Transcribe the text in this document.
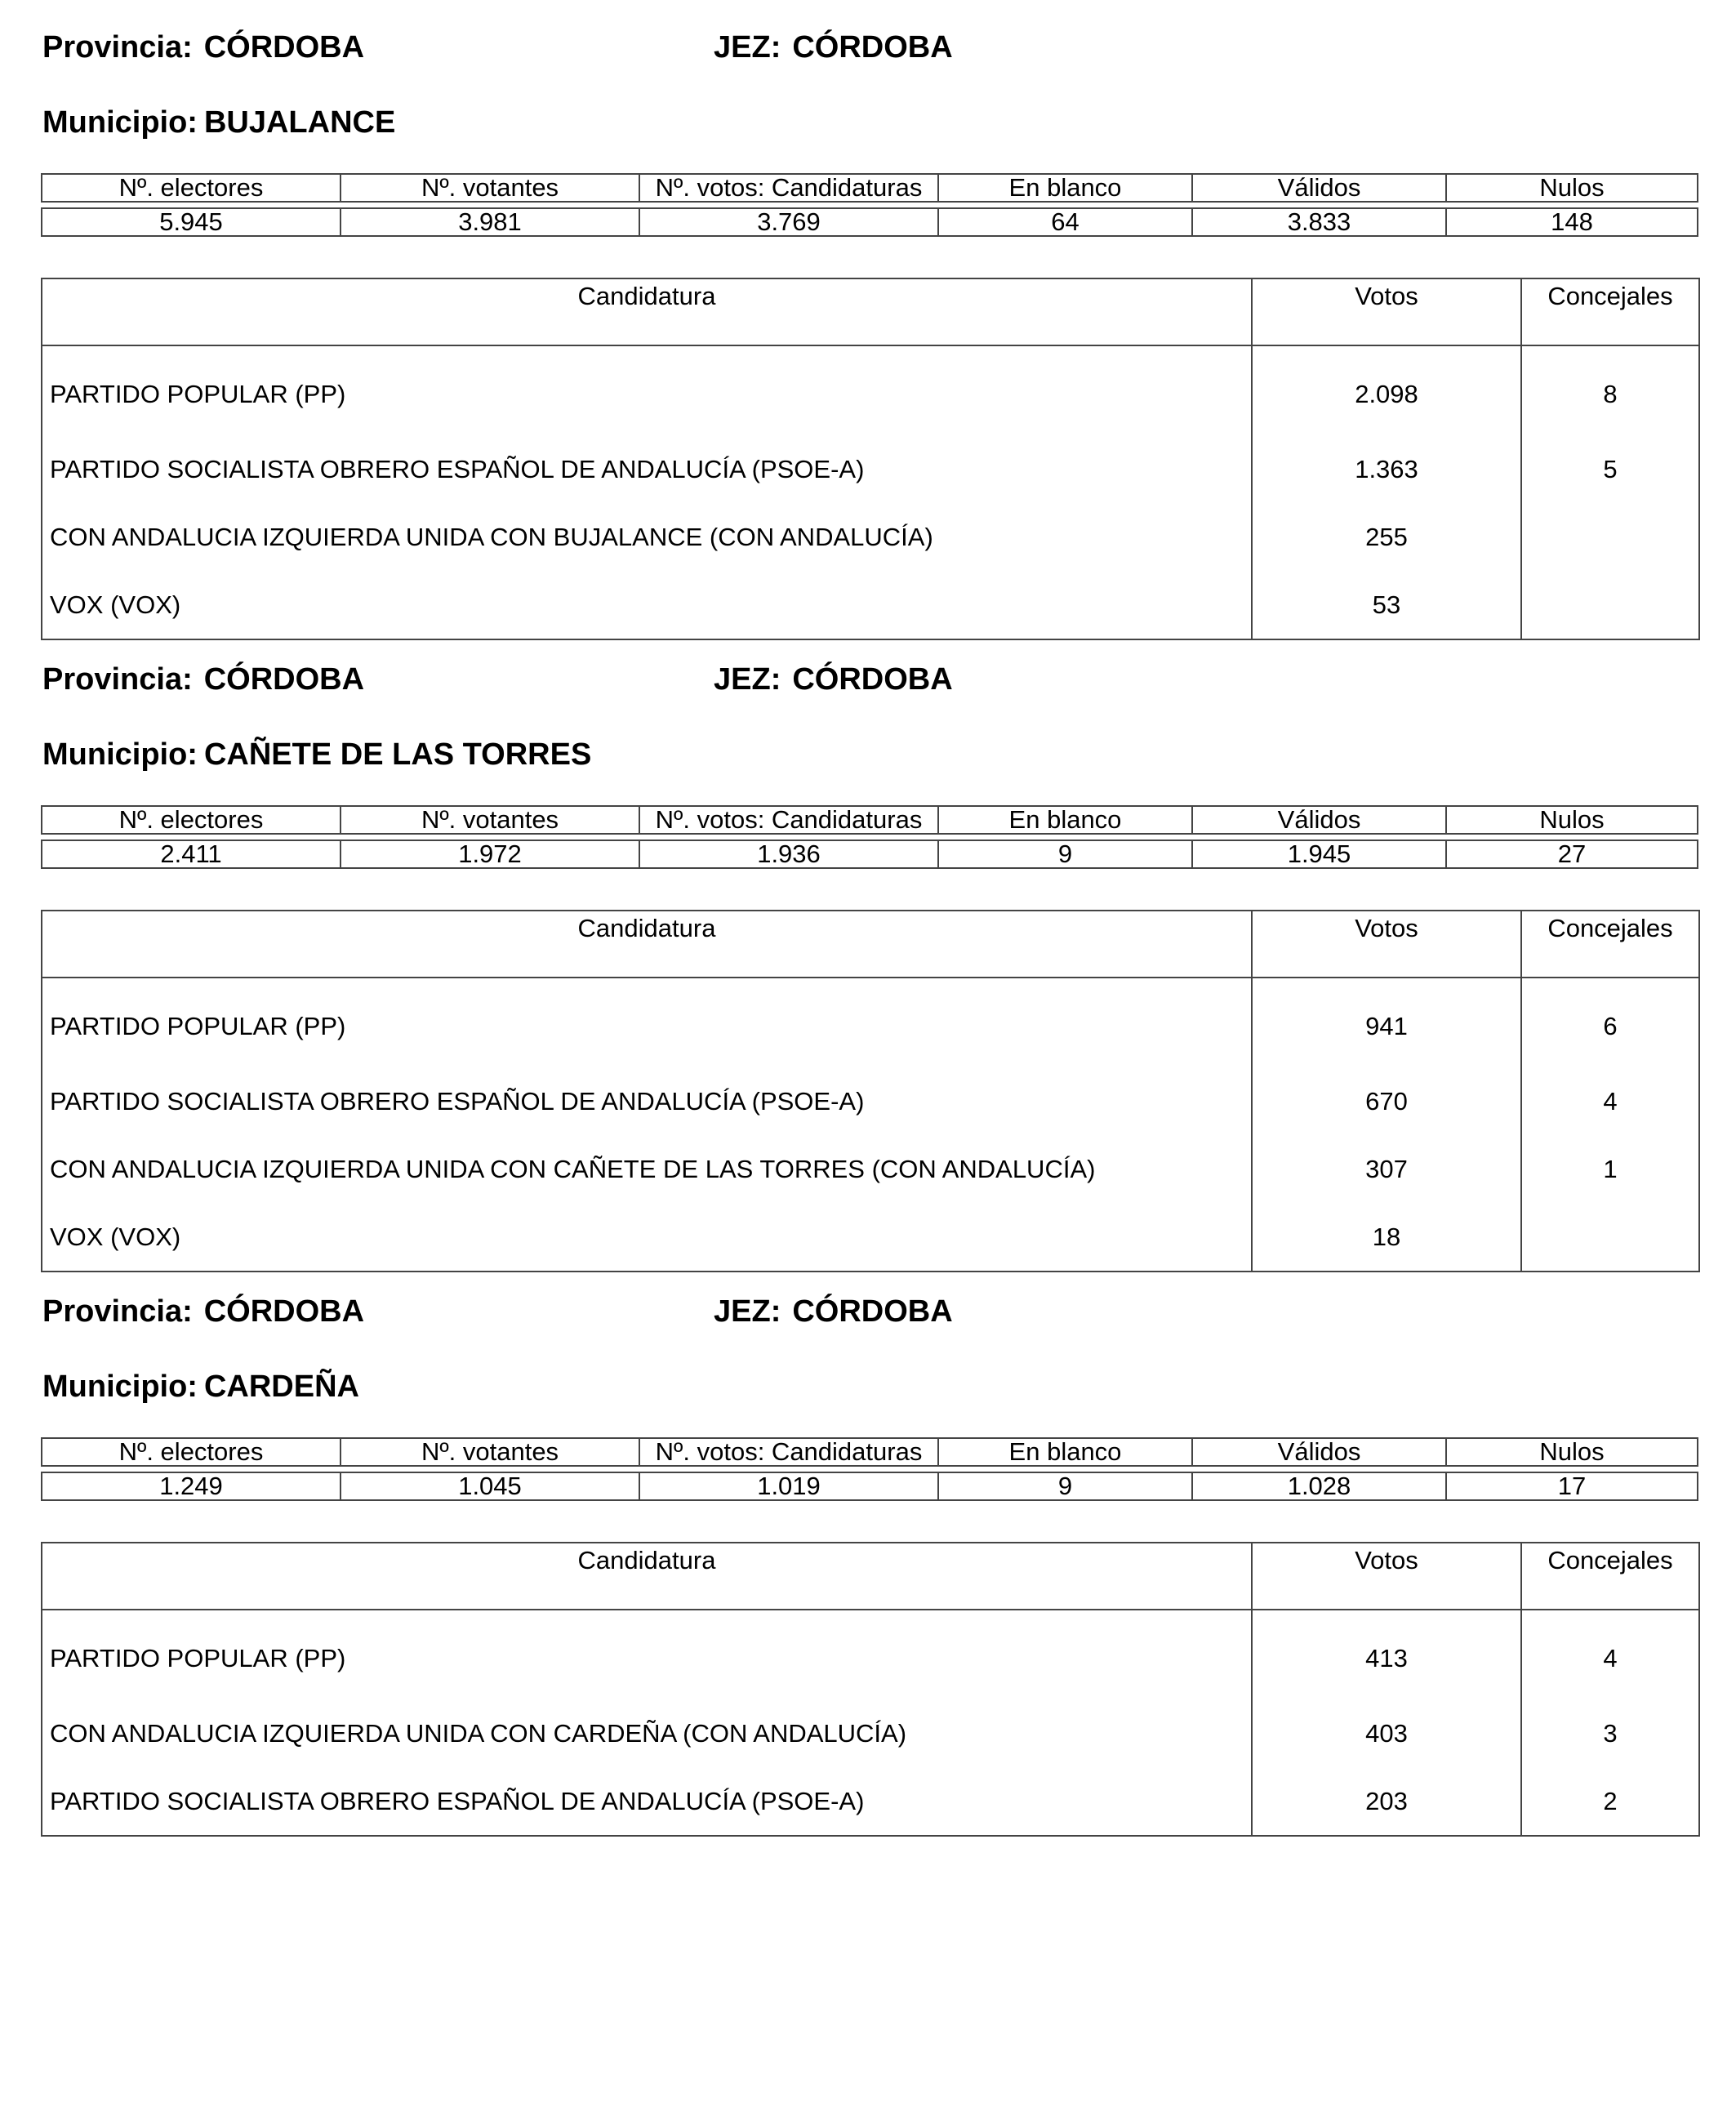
Provincia: CÓRDOBA	JEZ: CÓRDOBA
Municipio: BUJALANCE
Nº. electores	Nº. votantes	Nº. votos: Candidaturas	En blanco	Válidos	Nulos
5.945	3.981	3.769	64	3.833	148
Candidatura	Votos	Concejales
PARTIDO POPULAR (PP)	2.098	8
PARTIDO SOCIALISTA OBRERO ESPAÑOL DE ANDALUCÍA (PSOE-A)	1.363	5
CON ANDALUCIA IZQUIERDA UNIDA CON BUJALANCE (CON ANDALUCÍA)	255	
VOX (VOX)	53	
Provincia: CÓRDOBA	JEZ: CÓRDOBA
Municipio: CAÑETE DE LAS TORRES
Nº. electores	Nº. votantes	Nº. votos: Candidaturas	En blanco	Válidos	Nulos
2.411	1.972	1.936	9	1.945	27
Candidatura	Votos	Concejales
PARTIDO POPULAR (PP)	941	6
PARTIDO SOCIALISTA OBRERO ESPAÑOL DE ANDALUCÍA (PSOE-A)	670	4
CON ANDALUCIA IZQUIERDA UNIDA CON CAÑETE DE LAS TORRES (CON ANDALUCÍA)	307	1
VOX (VOX)	18	
Provincia: CÓRDOBA	JEZ: CÓRDOBA
Municipio: CARDEÑA
Nº. electores	Nº. votantes	Nº. votos: Candidaturas	En blanco	Válidos	Nulos
1.249	1.045	1.019	9	1.028	17
Candidatura	Votos	Concejales
PARTIDO POPULAR (PP)	413	4
CON ANDALUCIA IZQUIERDA UNIDA CON CARDEÑA (CON ANDALUCÍA)	403	3
PARTIDO SOCIALISTA OBRERO ESPAÑOL DE ANDALUCÍA (PSOE-A)	203	2
